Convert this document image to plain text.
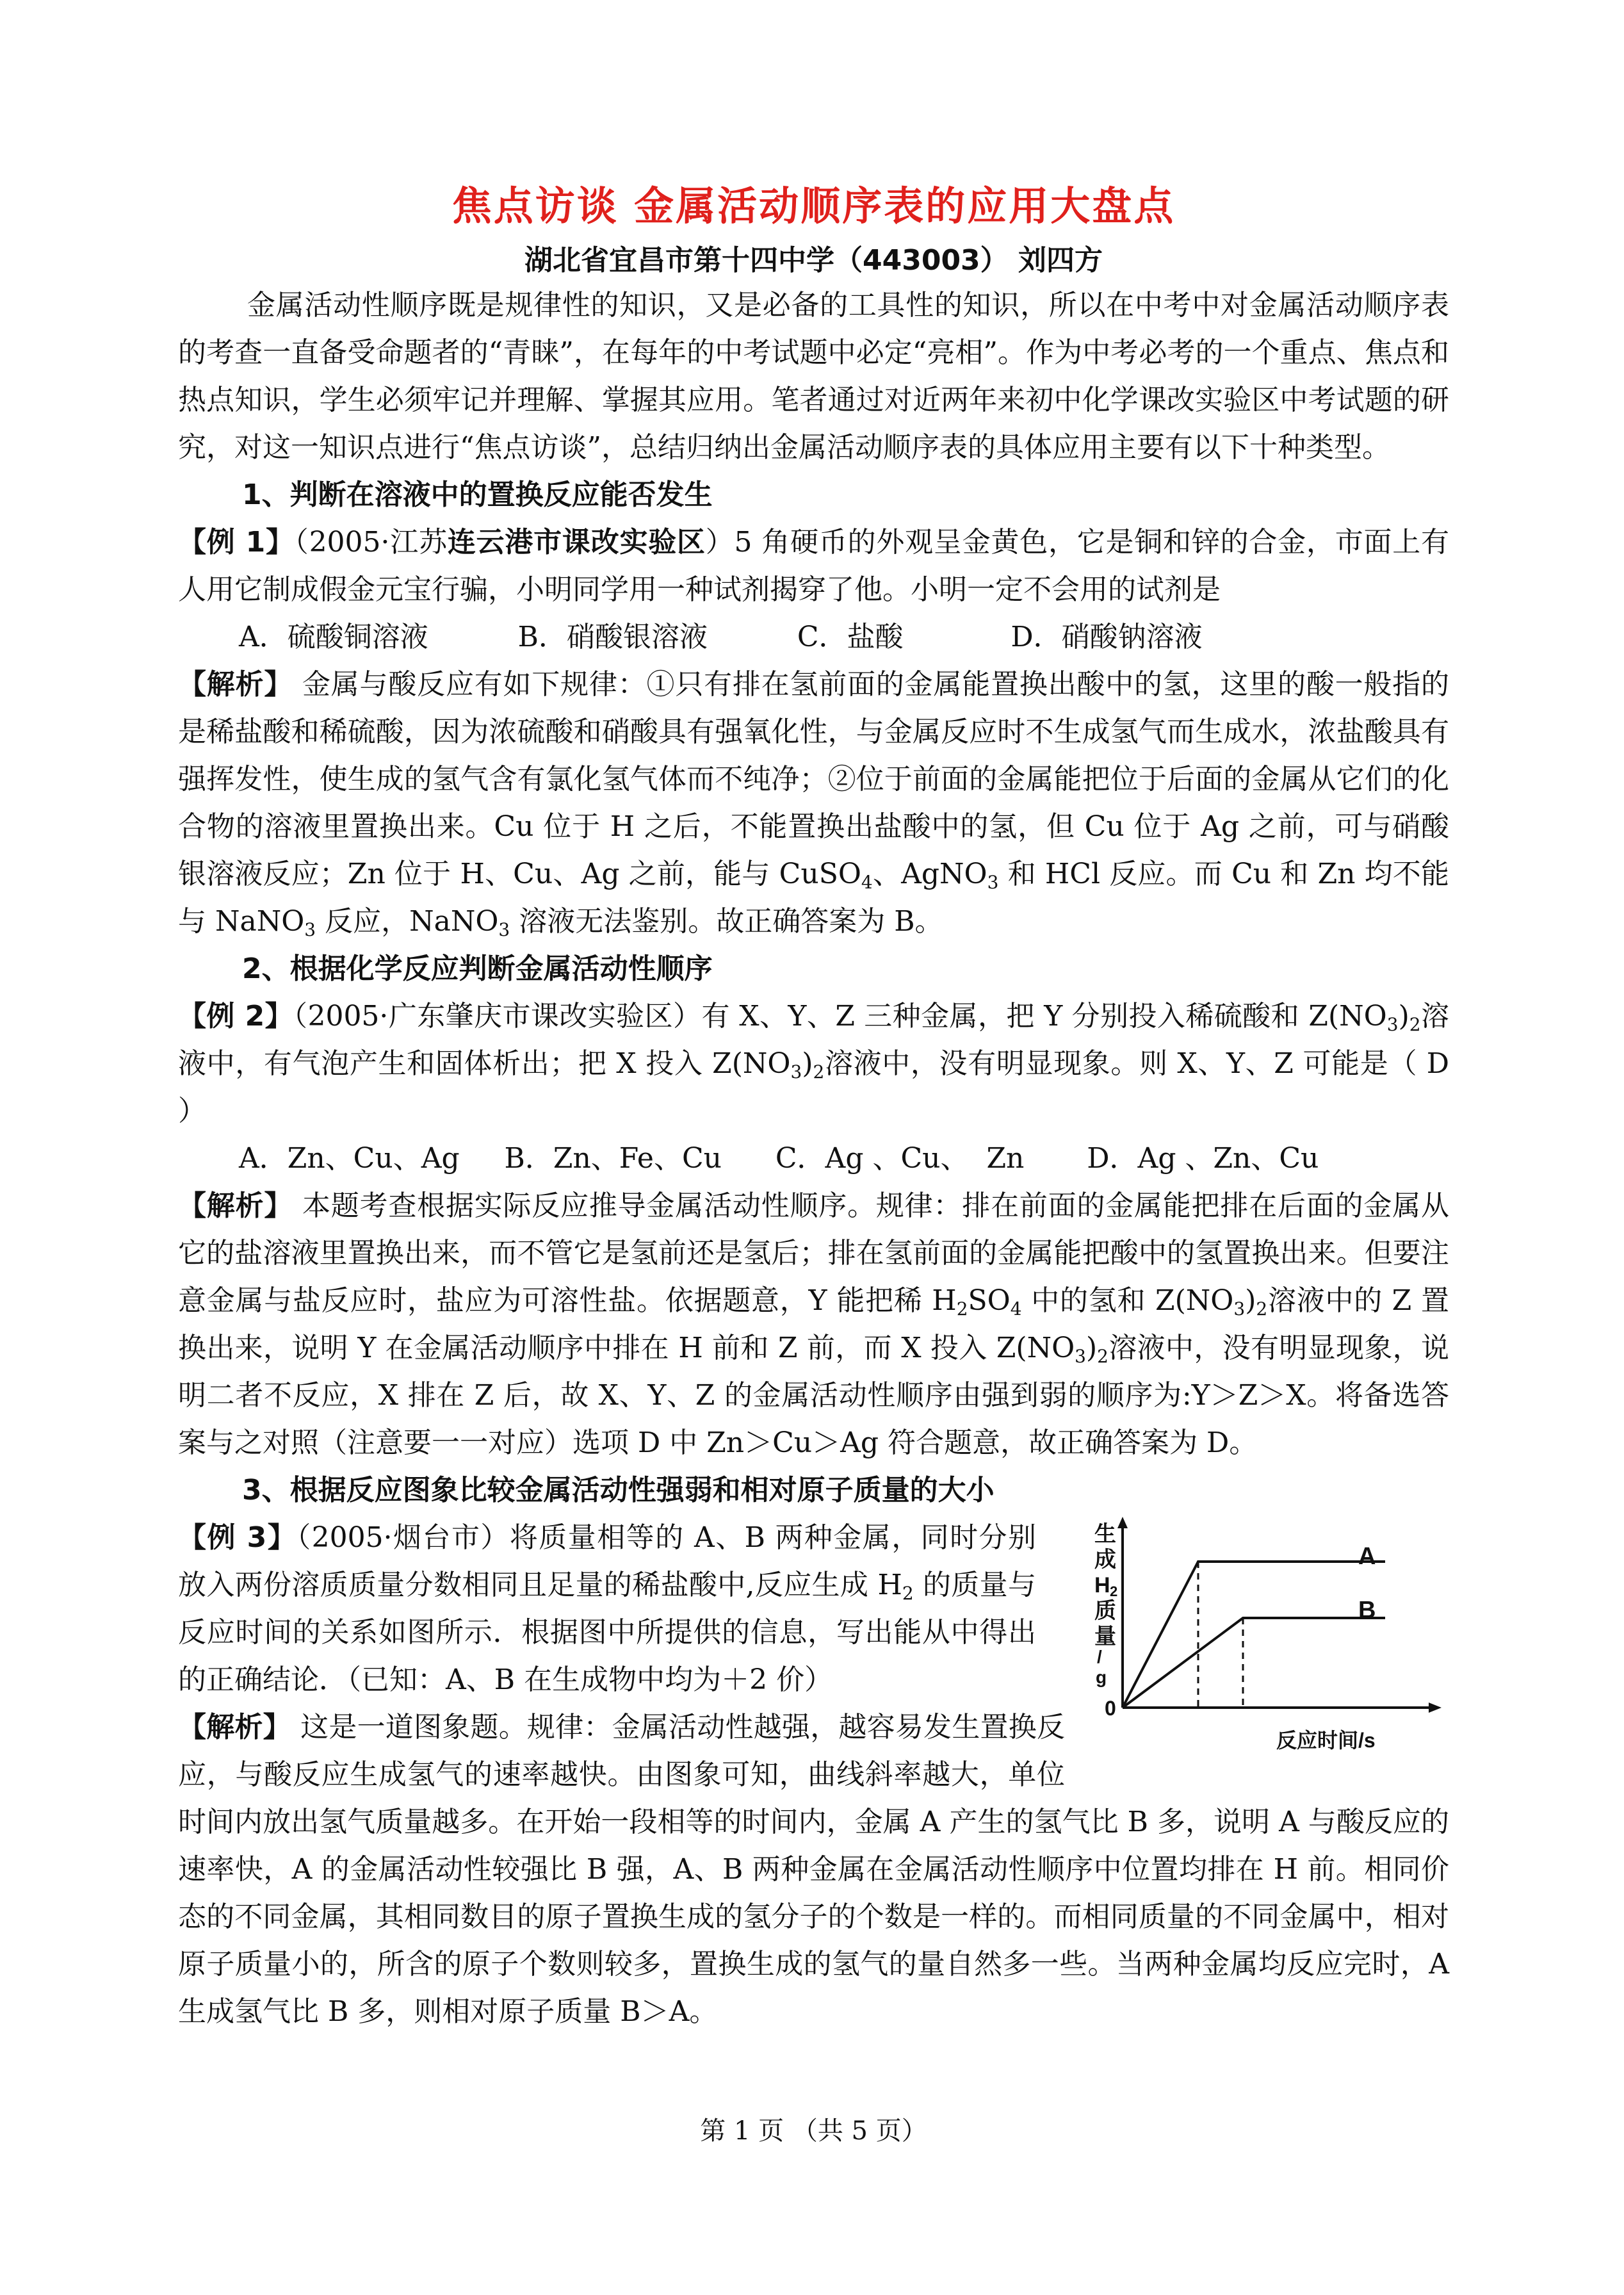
焦点访谈 金属活动顺序表的应用大盘点
湖北省宜昌市第十四中学（443003） 刘四方

金属活动性顺序既是规律性的知识，又是必备的工具性的知识，所以在中考中对金属活动顺序表的考查一直备受命题者的“青睐”，在每年的中考试题中必定“亮相”。作为中考必考的一个重点、焦点和热点知识，学生必须牢记并理解、掌握其应用。笔者通过对近两年来初中化学课改实验区中考试题的研究，对这一知识点进行“焦点访谈”，总结归纳出金属活动顺序表的具体应用主要有以下十种类型。

1、判断在溶液中的置换反应能否发生

【例 1】（2005·江苏连云港市课改实验区）5 角硬币的外观呈金黄色，它是铜和锌的合金，市面上有人用它制成假金元宝行骗，小明同学用一种试剂揭穿了他。小明一定不会用的试剂是

A．硫酸铜溶液          B．硝酸银溶液          C．盐酸            D．硝酸钠溶液

【解析】 金属与酸反应有如下规律：①只有排在氢前面的金属能置换出酸中的氢，这里的酸一般指的是稀盐酸和稀硫酸，因为浓硫酸和硝酸具有强氧化性，与金属反应时不生成氢气而生成水，浓盐酸具有强挥发性，使生成的氢气含有氯化氢气体而不纯净；②位于前面的金属能把位于后面的金属从它们的化合物的溶液里置换出来。Cu 位于 H 之后，不能置换出盐酸中的氢，但 Cu 位于 Ag 之前，可与硝酸银溶液反应；Zn 位于 H、Cu、Ag 之前，能与 CuSO$_4$、AgNO$_3$ 和 HCl 反应。而 Cu 和 Zn 均不能与 NaNO$_3$ 反应，NaNO$_3$ 溶液无法鉴别。故正确答案为 B。

2、根据化学反应判断金属活动性顺序

【例 2】（2005·广东肇庆市课改实验区）有 X、Y、Z 三种金属，把 Y 分别投入稀硫酸和 $Z(NO_3)_2$溶液中，有气泡产生和固体析出；把 X 投入 $Z(NO_3)_2$溶液中，没有明显现象。则 X、Y、Z 可能是（ D ）

A．Zn、Cu、Ag     B．Zn、Fe、Cu      C．Ag 、Cu、  Zn       D．Ag 、Zn、Cu

【解析】 本题考查根据实际反应推导金属活动性顺序。规律：排在前面的金属能把排在后面的金属从它的盐溶液里置换出来，而不管它是氢前还是氢后；排在氢前面的金属能把酸中的氢置换出来。但要注意金属与盐反应时，盐应为可溶性盐。依据题意，Y 能把稀 $H_2SO_4$ 中的氢和 $Z(NO_3)_2$溶液中的 Z 置换出来，说明 Y 在金属活动顺序中排在 H 前和 Z 前，而 X 投入 $Z(NO_3)_2$溶液中，没有明显现象，说明二者不反应，X 排在 Z 后，故 X、Y、Z 的金属活动性顺序由强到弱的顺序为:Y＞Z＞X。将备选答案与之对照（注意要一一对应）选项 D 中 Zn＞Cu＞Ag 符合题意，故正确答案为 D。

3、根据反应图象比较金属活动性强弱和相对原子质量的大小

【例 3】（2005·烟台市）将质量相等的 A、B 两种金属，同时分别放入两份溶质质量分数相同且足量的稀盐酸中,反应生成 $H_2$ 的质量与反应时间的关系如图所示．根据图中所提供的信息，写出能从中得出的正确结论．（已知：A、B 在生成物中均为＋2 价）

【解析】 这是一道图象题。规律：金属活动性越强，越容易发生置换反应，与酸反应生成氢气的速率越快。由图象可知，曲线斜率越大，单位时间内放出氢气质量越多。在开始一段相等的时间内，金属 A 产生的氢气比 B 多，说明 A 与酸反应的速率快，A 的金属活动性较强比 B 强，A、B 两种金属在金属活动性顺序中位置均排在 H 前。相同价态的不同金属，其相同数目的原子置换生成的氢分子的个数是一样的。而相同质量的不同金属中，相对原子质量小的，所含的原子个数则较多，置换生成的氢气的量自然多一些。当两种金属均反应完时，A 生成氢气比 B 多，则相对原子质量 B＞A。

生
成
H 2
质
量
/
g
0
反应时间/s
A
B
第 1 页 （共 5 页）
